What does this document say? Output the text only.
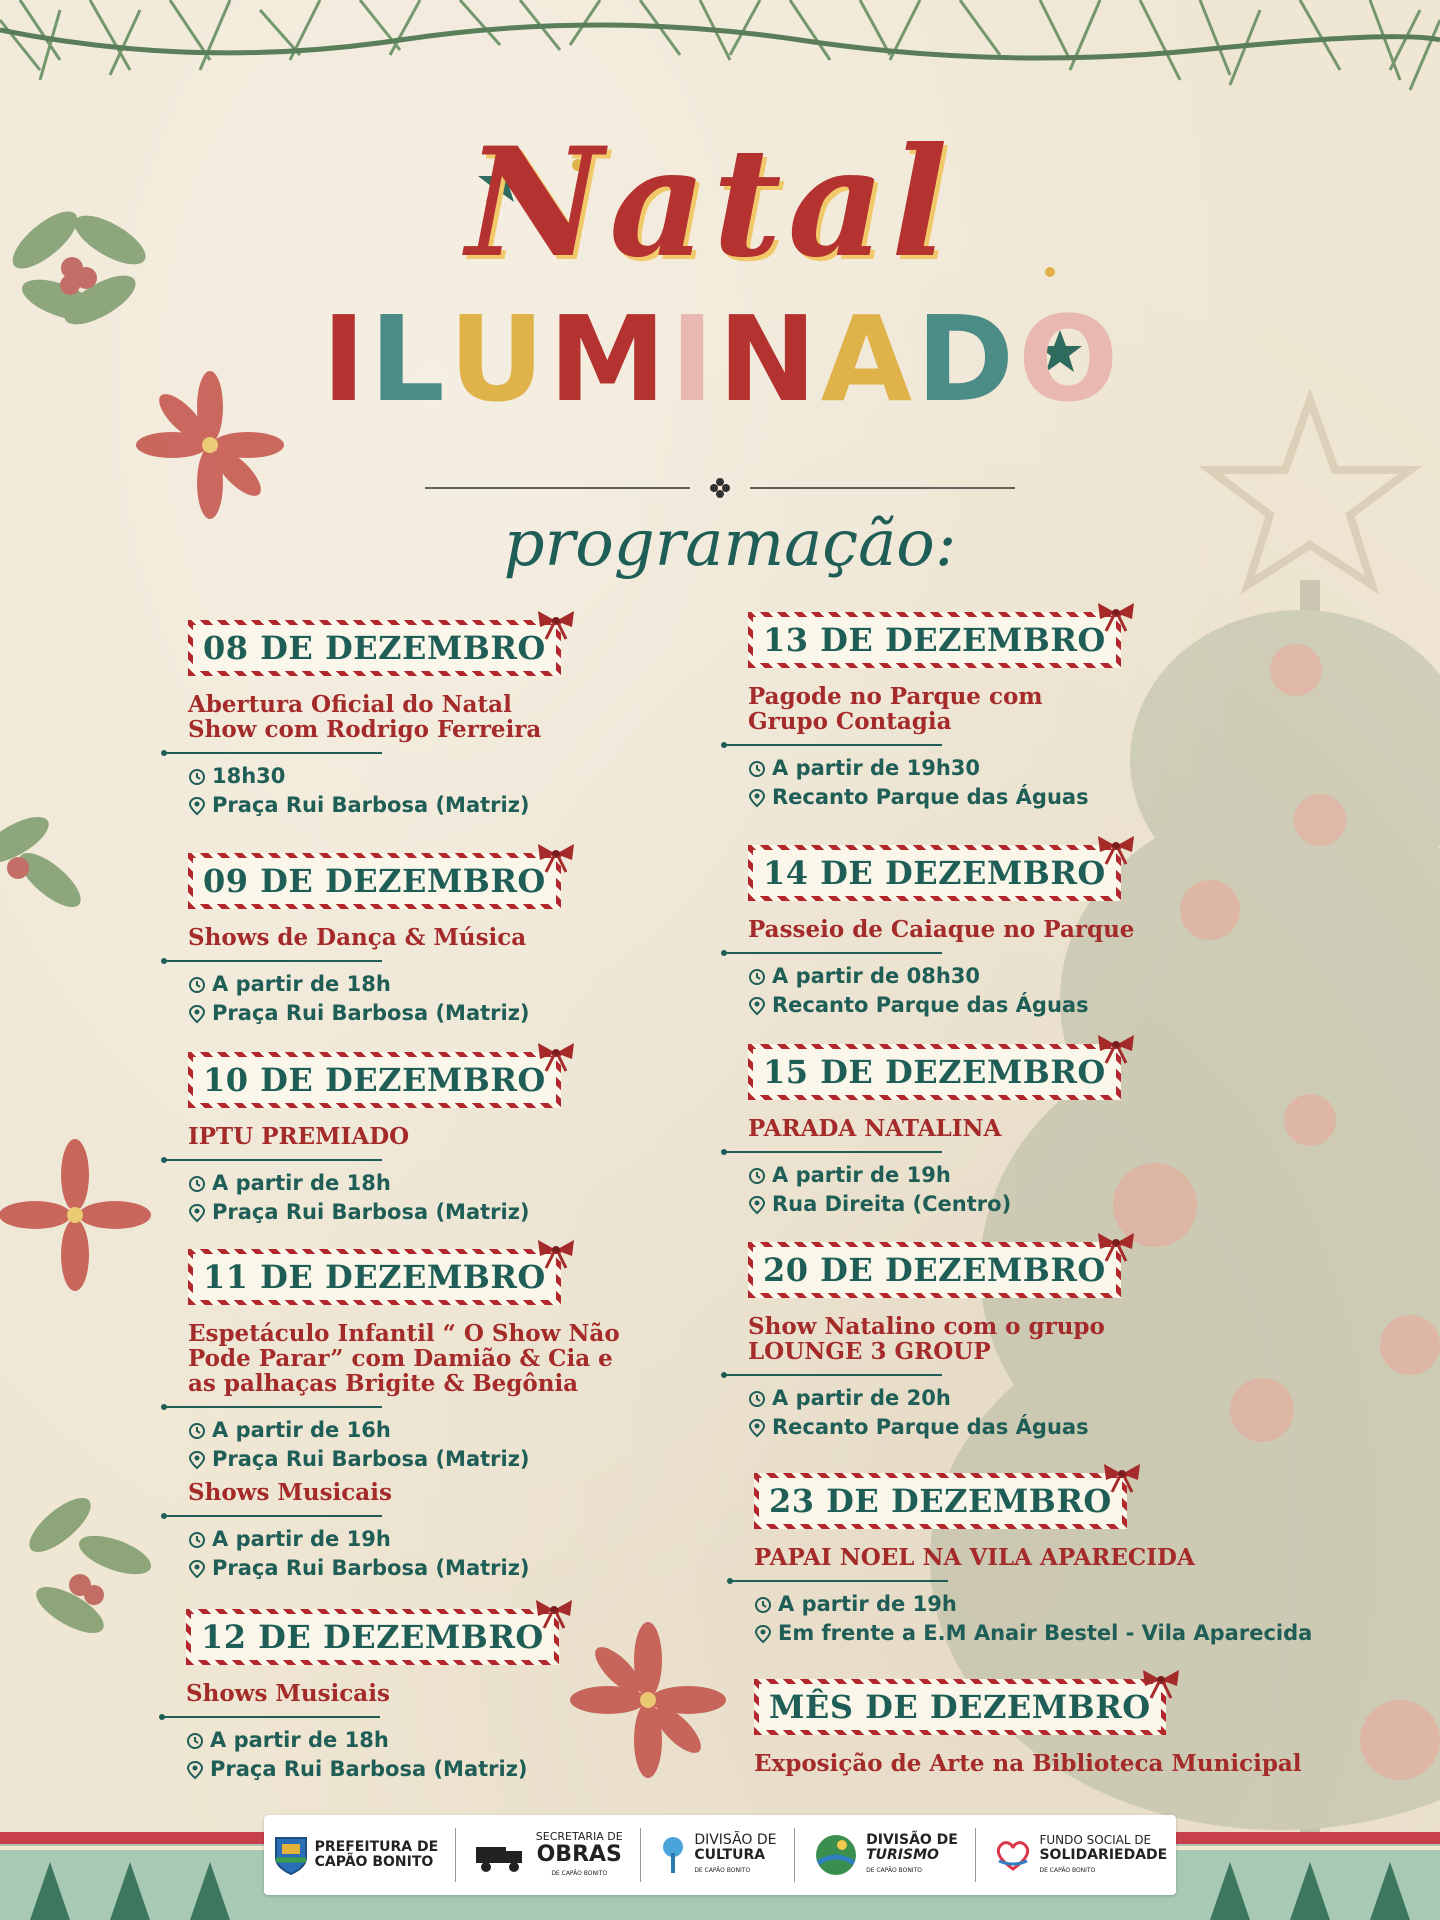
Natal
I L U M I N A D O
programação:
08 DE DEZEMBRO
Abertura Oficial do Natal
Show com Rodrigo Ferreira
18h30
Praça Rui Barbosa (Matriz)
09 DE DEZEMBRO
Shows de Dança & Música
A partir de 18h
Praça Rui Barbosa (Matriz)
10 DE DEZEMBRO
IPTU PREMIADO
A partir de 18h
Praça Rui Barbosa (Matriz)
11 DE DEZEMBRO
Espetáculo Infantil “ O Show Não
Pode Parar” com Damião & Cia e
as palhaças Brigite & Begônia
A partir de 16h
Praça Rui Barbosa (Matriz)
Shows Musicais
A partir de 19h
Praça Rui Barbosa (Matriz)
12 DE DEZEMBRO
Shows Musicais
A partir de 18h
Praça Rui Barbosa (Matriz)
13 DE DEZEMBRO
Pagode no Parque com
Grupo Contagia
A partir de 19h30
Recanto Parque das Águas
14 DE DEZEMBRO
Passeio de Caiaque no Parque
A partir de 08h30
Recanto Parque das Águas
15 DE DEZEMBRO
PARADA NATALINA
A partir de 19h
Rua Direita (Centro)
20 DE DEZEMBRO
Show Natalino com o grupo
LOUNGE 3 GROUP
A partir de 20h
Recanto Parque das Águas
23 DE DEZEMBRO
PAPAI NOEL NA VILA APARECIDA
A partir de 19h
Em frente a E.M Anair Bestel - Vila Aparecida
MÊS DE DEZEMBRO
Exposição de Arte na Biblioteca Municipal
PREFEITURA DE
CAPÃO BONITO
SECRETARIA DE
OBRAS
DE CAPÃO BONITO
DIVISÃO DE
CULTURA
DE CAPÃO BONITO
DIVISÃO DE
TURISMO
DE CAPÃO BONITO
FUNDO SOCIAL DE
SOLIDARIEDADE
DE CAPÃO BONITO
